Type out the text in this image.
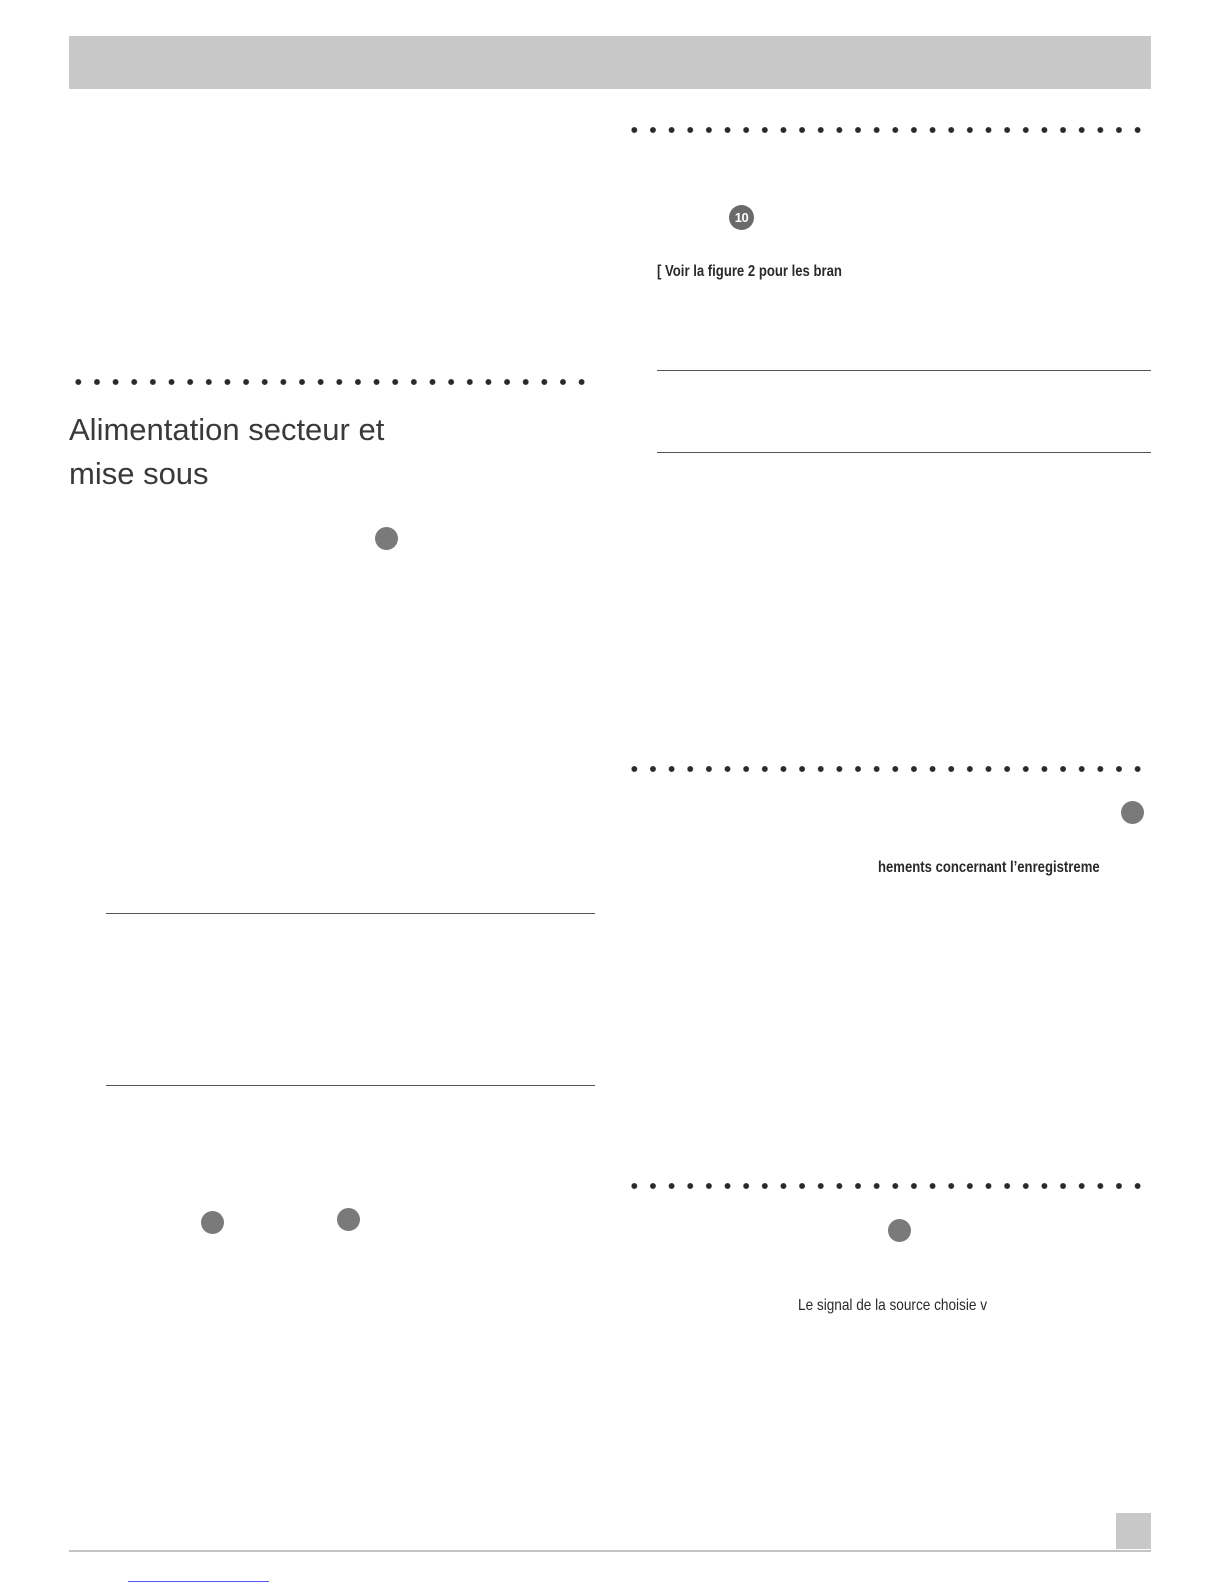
10
[ Voir la figure 2 pour les bran
Alimentation secteur et
mise sous
hements concernant l’enregistreme
Le signal de la source choisie v
